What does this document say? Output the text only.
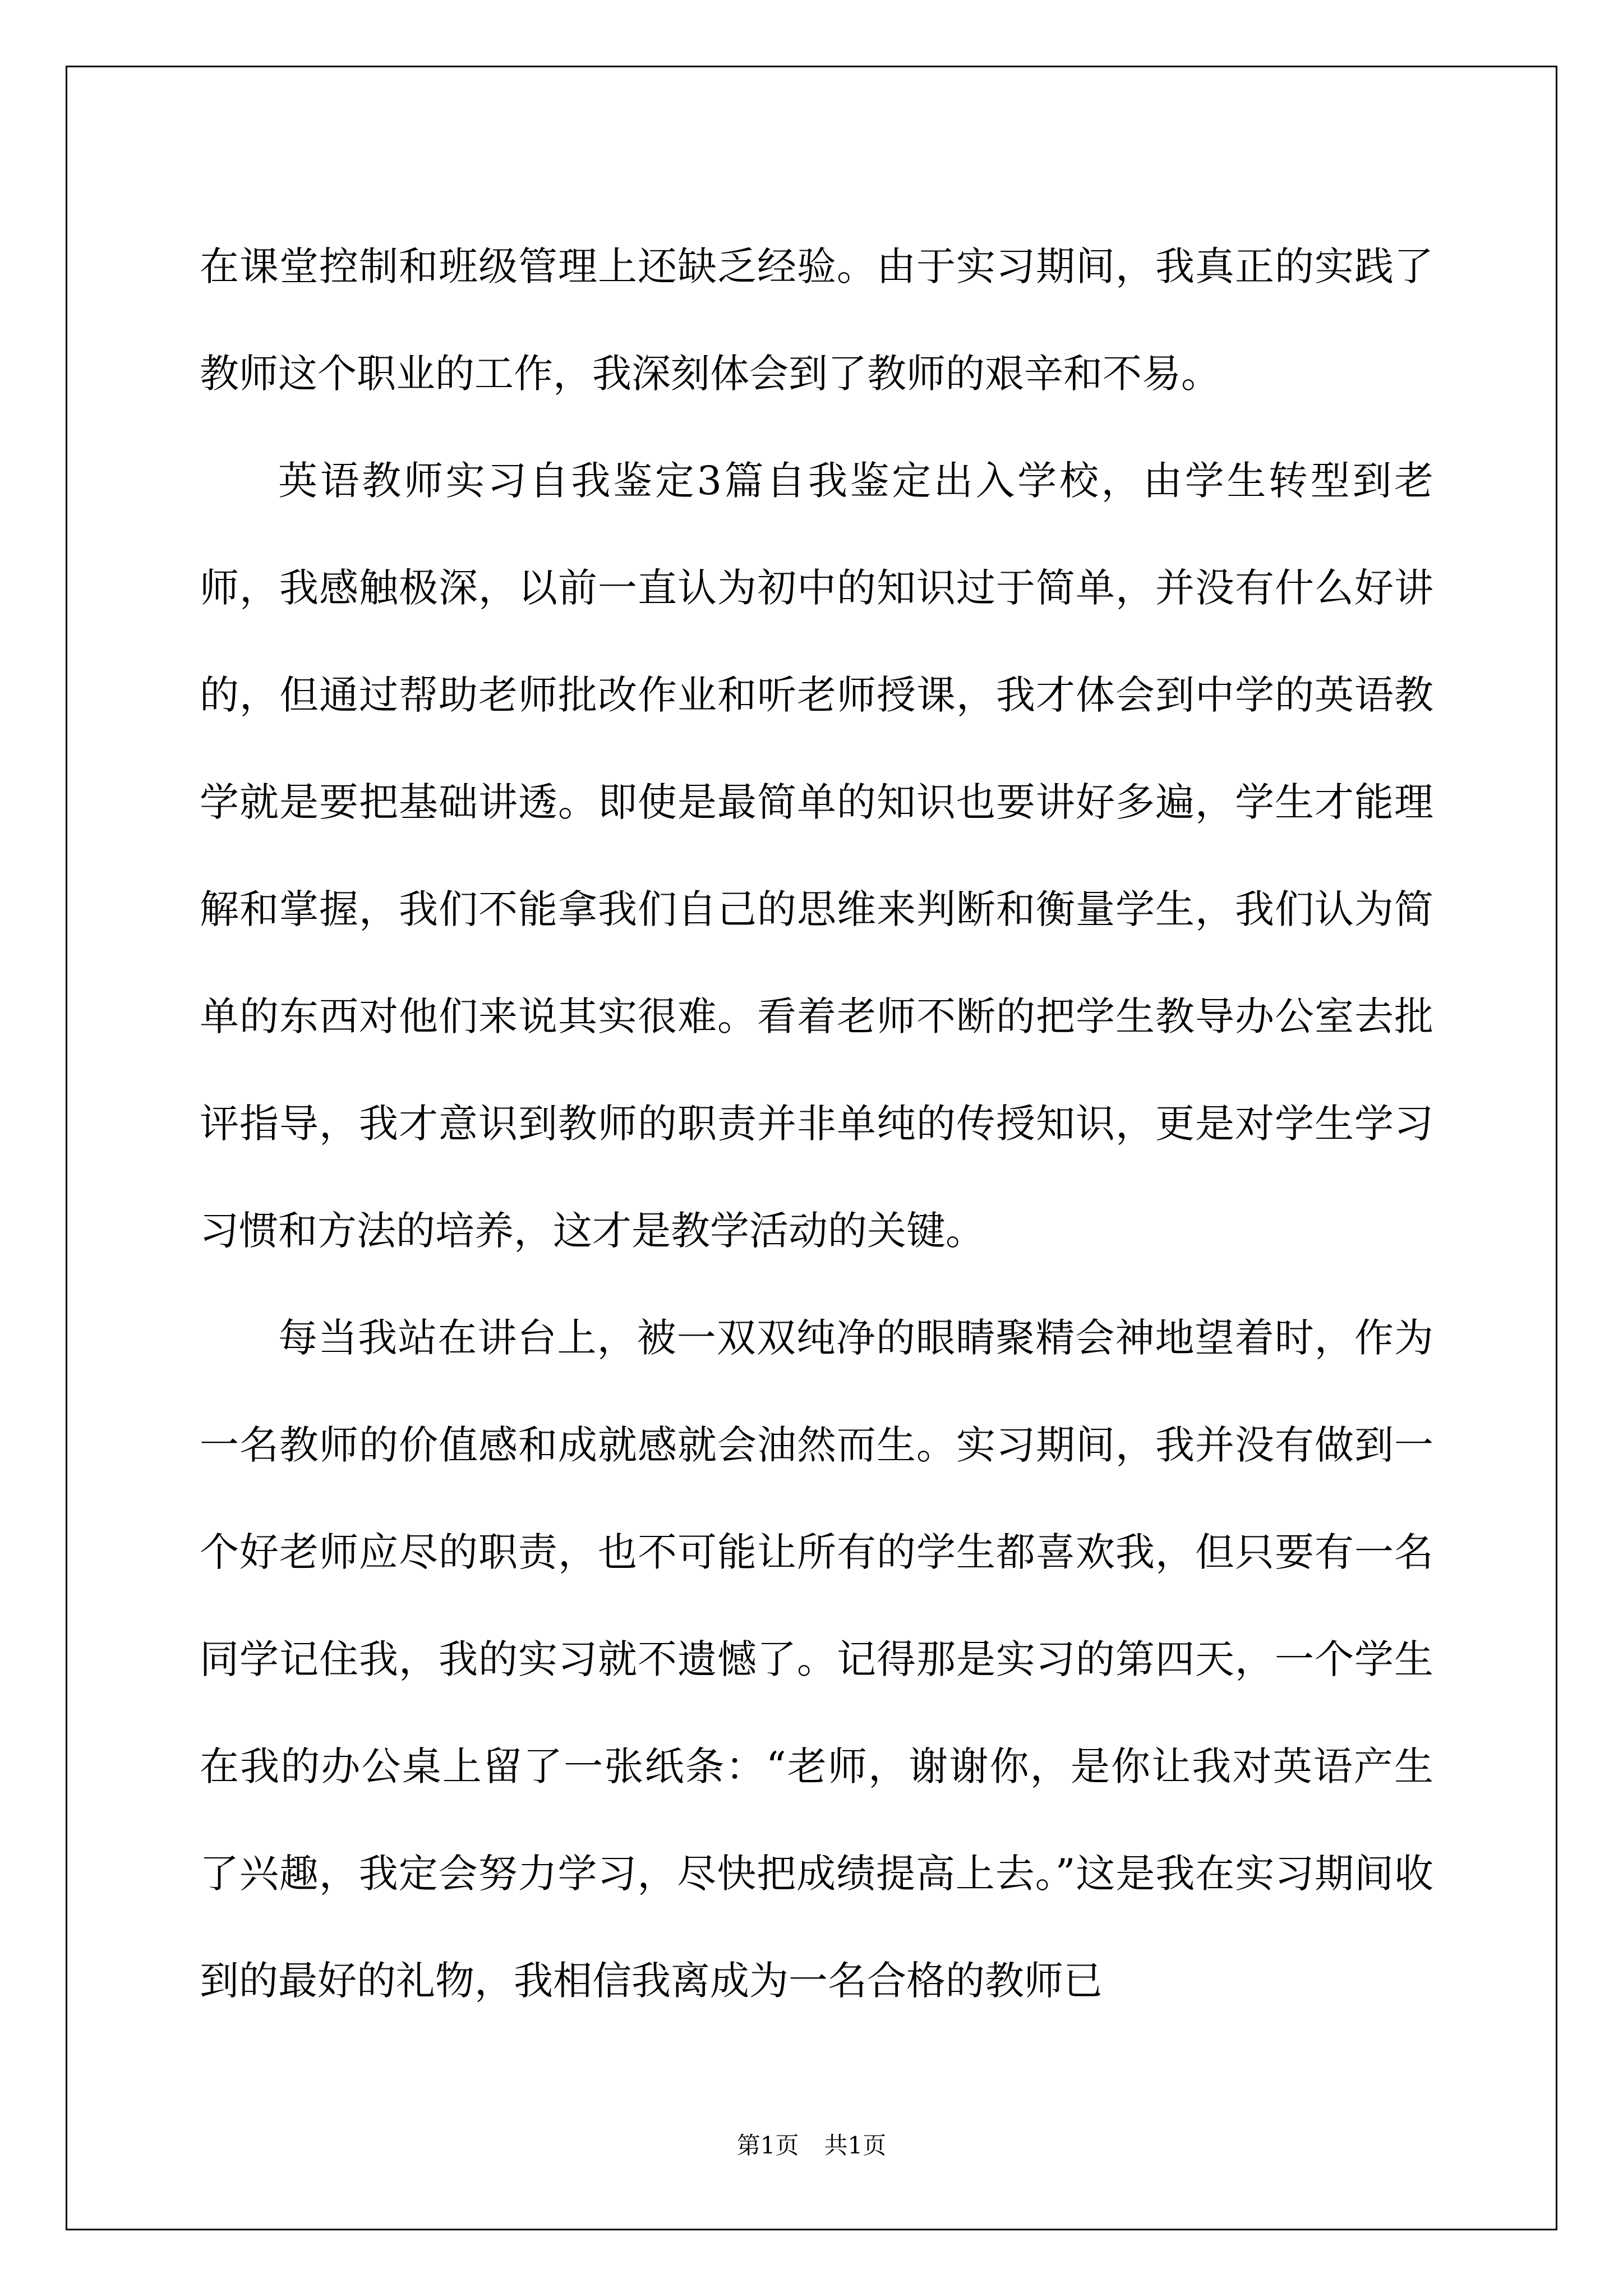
在课堂控制和班级管理上还缺乏经验。由于实习期间，我真正的实践了教师这个职业的工作，我深刻体会到了教师的艰辛和不易。

英语教师实习自我鉴定3篇自我鉴定出入学校，由学生转型到老师，我感触极深，以前一直认为初中的知识过于简单，并没有什么好讲的，但通过帮助老师批改作业和听老师授课，我才体会到中学的英语教学就是要把基础讲透。即使是最简单的知识也要讲好多遍，学生才能理解和掌握，我们不能拿我们自己的思维来判断和衡量学生，我们认为简单的东西对他们来说其实很难。看着老师不断的把学生教导办公室去批评指导，我才意识到教师的职责并非单纯的传授知识，更是对学生学习习惯和方法的培养，这才是教学活动的关键。

每当我站在讲台上，被一双双纯净的眼睛聚精会神地望着时，作为一名教师的价值感和成就感就会油然而生。实习期间，我并没有做到一个好老师应尽的职责，也不可能让所有的学生都喜欢我，但只要有一名同学记住我，我的实习就不遗憾了。记得那是实习的第四天，一个学生在我的办公桌上留了一张纸条：“老师，谢谢你，是你让我对英语产生了兴趣，我定会努力学习，尽快把成绩提高上去。”这是我在实习期间收到的最好的礼物，我相信我离成为一名合格的教师已

第1页 共1页
